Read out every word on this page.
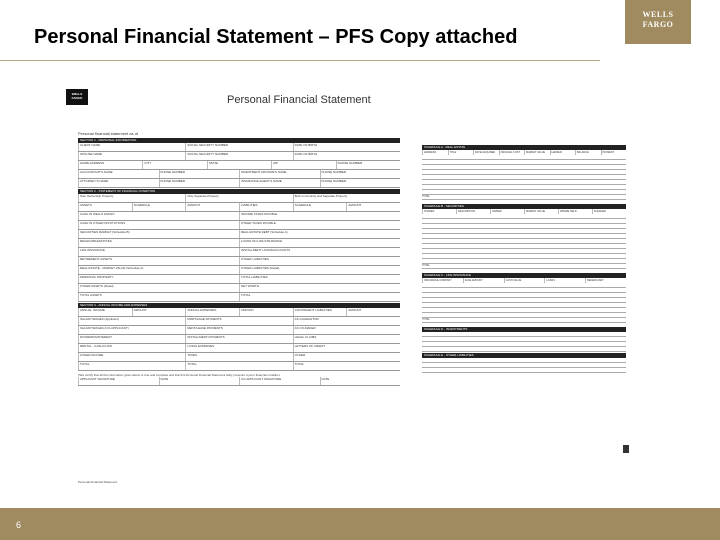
Personal Financial Statement – PFS Copy attached
WELLS
FARGO
WELLS
FARGO	Personal Financial Statement
Personal financial statement as of
SECTION 1 - PERSONAL INFORMATION
CLIENT NAME	SOCIAL SECURITY NUMBER	DATE OF BIRTH
SPOUSE NAME	SOCIAL SECURITY NUMBER	DATE OF BIRTH
HOME ADDRESS	CITY	STATE	ZIP	PHONE NUMBER
ACCOUNTANT'S NAME	PHONE NUMBER	INVESTMENT ADVISOR'S NAME	PHONE NUMBER
ATTORNEY'S NAME	PHONE NUMBER	INSURANCE AGENT'S NAME	PHONE NUMBER
SECTION 2 - STATEMENT OF FINANCIAL CONDITION
Sole Ownership Property	Only Separate Property	Both community and Separate Property
ASSETS	SCHEDULE	AMOUNT	LIABILITIES	SCHEDULE	AMOUNT
CASH IN WELLS FARGO	INCOME TAXES PAYABLE
CASH IN OTHER INSTITUTIONS	OTHER TAXES PAYABLE
SECURITIES MARKET (Schedule B)	REAL ESTATE DEBT (Schedule A)
RECEIVABLES/NOTES	LOANS ON LIFE INSURANCE
LIFE INSURANCE	INSTALLMENT LOANS/ACCOUNTS
RETIREMENT ASSETS	OTHER LIABILITIES
REAL ESTATE - MARKET VALUE (Schedule A)	OTHER LIABILITIES (Detail)
PERSONAL PROPERTY	TOTAL LIABILITIES
OTHER ASSETS (Detail)	NET WORTH
TOTAL ASSETS	TOTAL
SECTION 3 - ANNUAL INCOME AND EXPENSES
ANNUAL INCOME	AMOUNT	ANNUAL EXPENSES	AMOUNT	CONTINGENT LIABILITIES	AMOUNT
SALARY/WAGES (Applicant)	MORTGAGE PAYMENTS	AS GUARANTOR
SALARY/WAGES (CO-APPLICANT)	RENT/LEASE PAYMENTS	AS CO-MAKER
DIVIDENDS/INTEREST	INSTALLMENT PAYMENTS	LEGAL CLAIMS
RENTAL - CASH FLOW	LIVING EXPENSES	LETTERS OF CREDIT
OTHER INCOME	TAXES	OTHER
TOTAL	TOTAL	TOTAL
I/We certify that all the information given above is true and complete and that this Personal Financial Statement fairly presents my/our financial condition.
APPLICANT SIGNATURE	DATE	CO-APPLICANT SIGNATURE	DATE
Personal Financial Statement
SCHEDULE A - REAL ESTATE
ADDRESS	TITLE	DATE ACQUIRED	ORIGINAL COST	MARKET VALUE	LENDER	BALANCE	PAYMENT
TOTAL
SCHEDULE B - SECURITIES
SHARES	DESCRIPTION	OWNER	MARKET VALUE	WHERE HELD	PLEDGED
TOTAL
SCHEDULE C - LIFE INSURANCE
INSURANCE COMPANY	FACE AMOUNT	CASH VALUE	LOANS	BENEFICIARY
TOTAL
SCHEDULE D - INVESTMENTS
SCHEDULE E - OTHER LIABILITIES
6
